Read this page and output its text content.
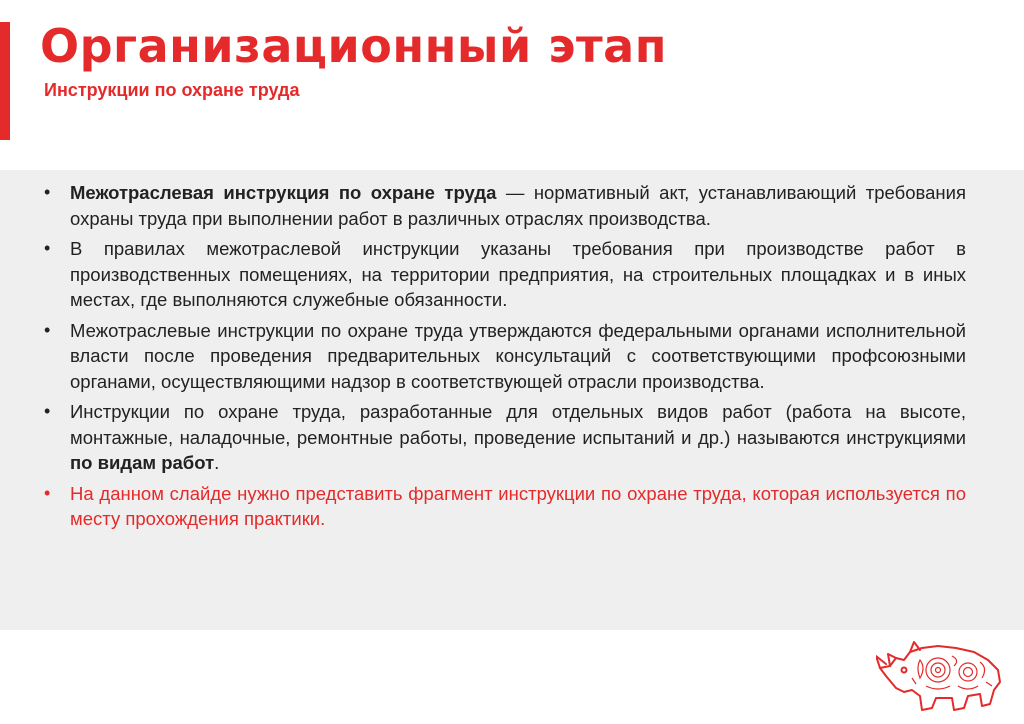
Организационный этап
Инструкции по охране труда
• Межотраслевая инструкция по охране труда — нормативный акт, устанавливающий требования охраны труда при выполнении работ в различных отраслях производства.
• В правилах межотраслевой инструкции указаны требования при производстве работ в производственных помещениях, на территории предприятия, на строительных площадках и в иных местах, где выполняются служебные обязанности.
• Межотраслевые инструкции по охране труда утверждаются федеральными органами исполнительной власти после проведения предварительных консультаций с соответствующими профсоюзными органами, осуществляющими надзор в соответствующей отрасли производства.
• Инструкции по охране труда, разработанные для отдельных видов работ (работа на высоте, монтажные, наладочные, ремонтные работы, проведение испытаний и др.) называются инструкциями по видам работ.
• На данном слайде нужно представить фрагмент инструкции по охране труда, которая используется по месту прохождения практики.
